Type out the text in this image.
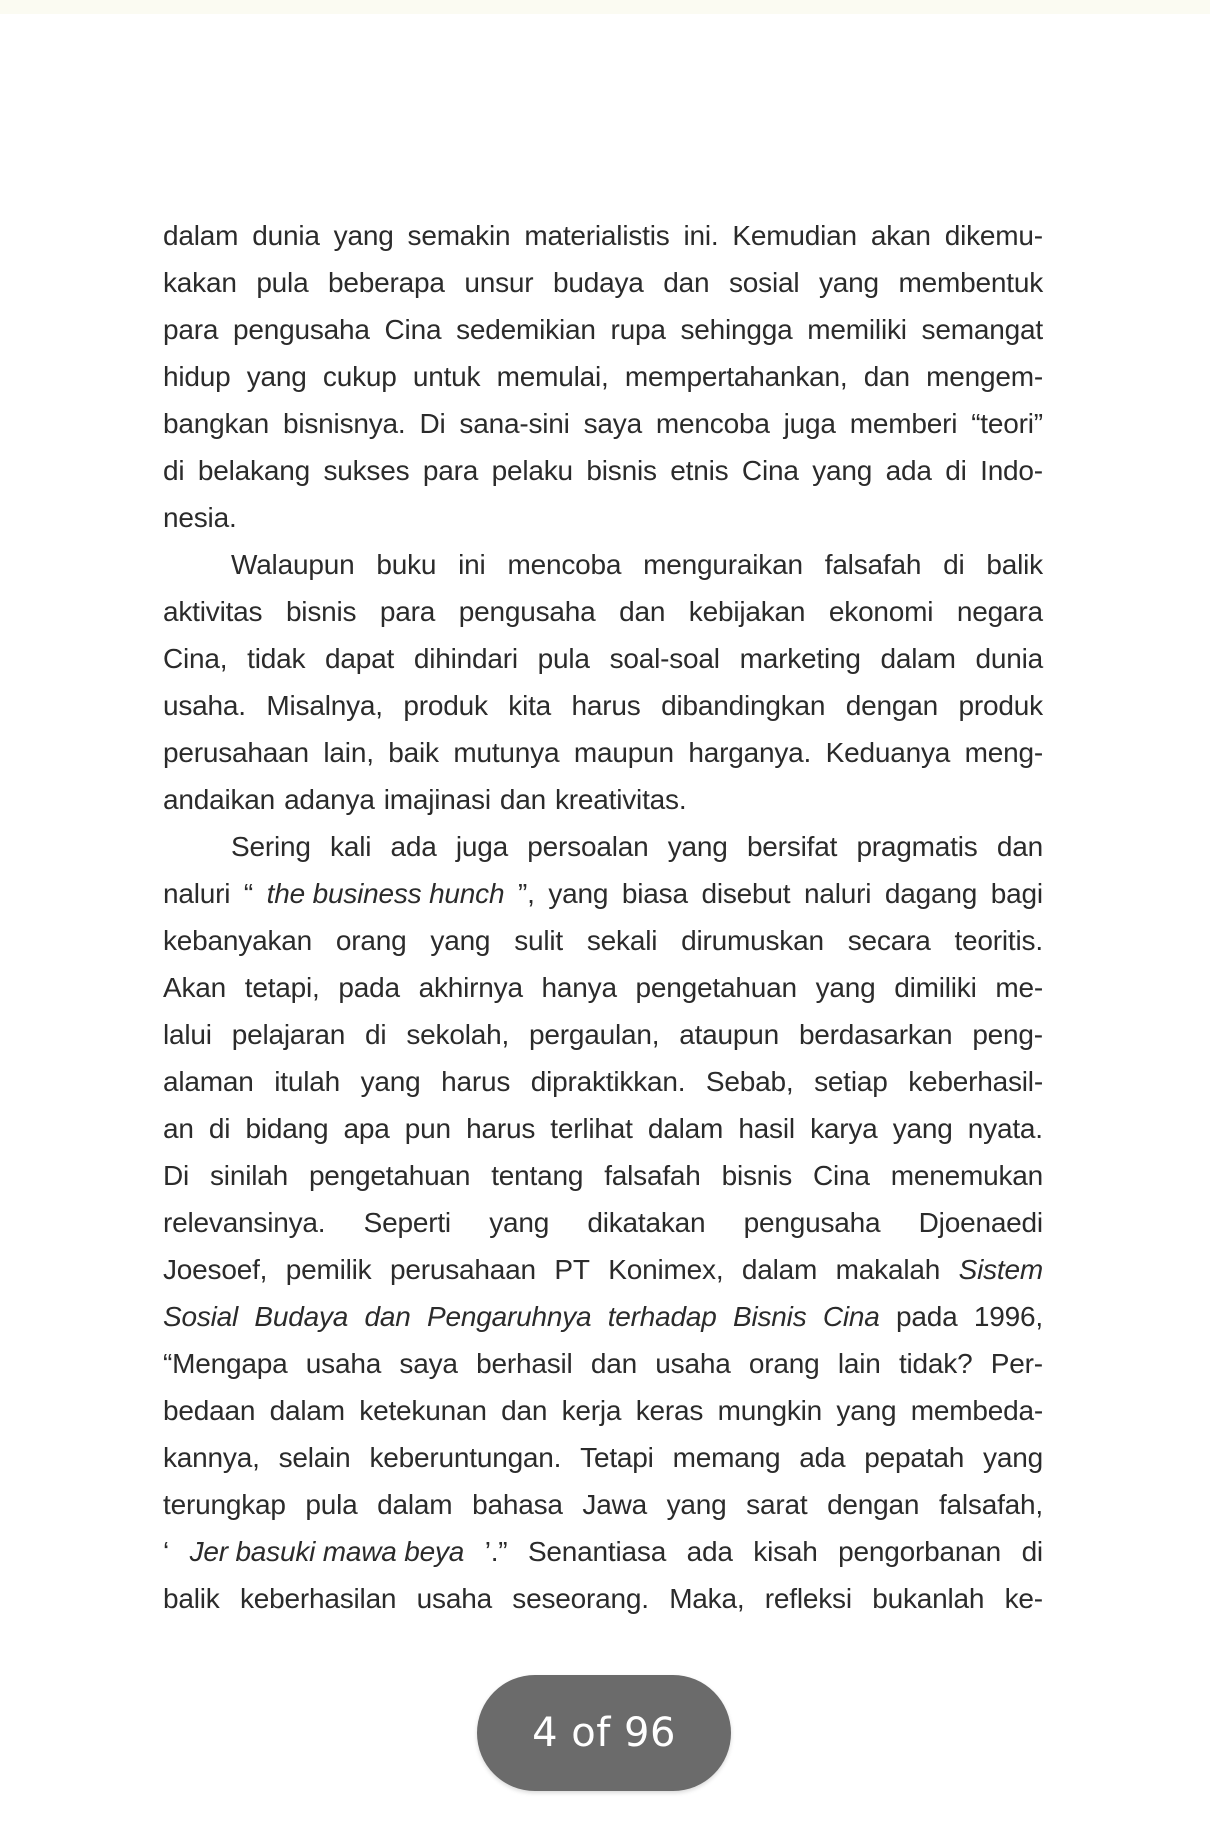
dalam dunia yang semakin materialistis ini. Kemudian akan dikemu-
kakan pula beberapa unsur budaya dan sosial yang membentuk
para pengusaha Cina sedemikian rupa sehingga memiliki semangat
hidup yang cukup untuk memulai, mempertahankan, dan mengem-
bangkan bisnisnya. Di sana-sini saya mencoba juga memberi “teori”
di belakang sukses para pelaku bisnis etnis Cina yang ada di Indo-
nesia.
Walaupun buku ini mencoba menguraikan falsafah di balik
aktivitas bisnis para pengusaha dan kebijakan ekonomi negara
Cina, tidak dapat dihindari pula soal-soal marketing dalam dunia
usaha. Misalnya, produk kita harus dibandingkan dengan produk
perusahaan lain, baik mutunya maupun harganya. Keduanya meng-
andaikan adanya imajinasi dan kreativitas.
Sering kali ada juga persoalan yang bersifat pragmatis dan
naluri “ the business hunch ”, yang biasa disebut naluri dagang bagi
kebanyakan orang yang sulit sekali dirumuskan secara teoritis.
Akan tetapi, pada akhirnya hanya pengetahuan yang dimiliki me-
lalui pelajaran di sekolah, pergaulan, ataupun berdasarkan peng-
alaman itulah yang harus dipraktikkan. Sebab, setiap keberhasil-
an di bidang apa pun harus terlihat dalam hasil karya yang nyata.
Di sinilah pengetahuan tentang falsafah bisnis Cina menemukan
relevansinya. Seperti yang dikatakan pengusaha Djoenaedi
Joesoef, pemilik perusahaan PT Konimex, dalam makalah Sistem
Sosial Budaya dan Pengaruhnya terhadap Bisnis Cina pada 1996,
“Mengapa usaha saya berhasil dan usaha orang lain tidak? Per-
bedaan dalam ketekunan dan kerja keras mungkin yang membeda-
kannya, selain keberuntungan. Tetapi memang ada pepatah yang
terungkap pula dalam bahasa Jawa yang sarat dengan falsafah,
‘ Jer basuki mawa beya ’.” Senantiasa ada kisah pengorbanan di
balik keberhasilan usaha seseorang. Maka, refleksi bukanlah ke-
4 of 96
